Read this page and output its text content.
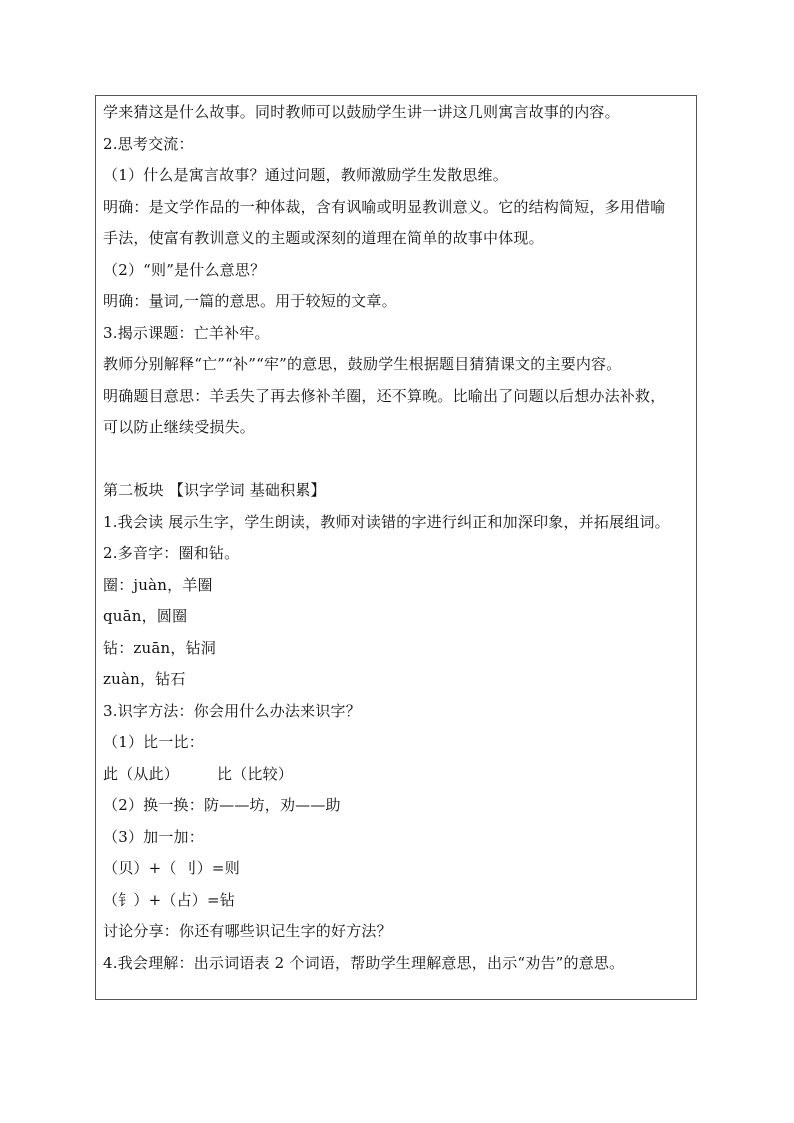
学来猜这是什么故事。同时教师可以鼓励学生讲一讲这几则寓言故事的内容。
2.思考交流：
（1）什么是寓言故事？通过问题，教师激励学生发散思维。
明确：是文学作品的一种体裁，含有讽喻或明显教训意义。它的结构简短，多用借喻
手法，使富有教训意义的主题或深刻的道理在简单的故事中体现。
（2）“则”是什么意思？
明确：量词,一篇的意思。用于较短的文章。
3.揭示课题：亡羊补牢。
教师分别解释“亡”“补”“牢”的意思，鼓励学生根据题目猜猜课文的主要内容。
明确题目意思：羊丢失了再去修补羊圈，还不算晚。比喻出了问题以后想办法补救，
可以防止继续受损失。
第二板块 【识字学词 基础积累】
1.我会读 展示生字，学生朗读，教师对读错的字进行纠正和加深印象，并拓展组词。
2.多音字：圈和钻。
圈：juàn，羊圈
quān，圆圈
钻：zuān，钻洞
zuàn，钻石
3.识字方法：你会用什么办法来识字？
（1）比一比：
此（从此）	比（比较）
（2）换一换：防——坊，劝——助
（3）加一加：
（贝）+（ 刂）=则
（钅）+（占）=钻
讨论分享：你还有哪些识记生字的好方法？
4.我会理解：出示词语表 2 个词语，帮助学生理解意思，出示“劝告”的意思。
